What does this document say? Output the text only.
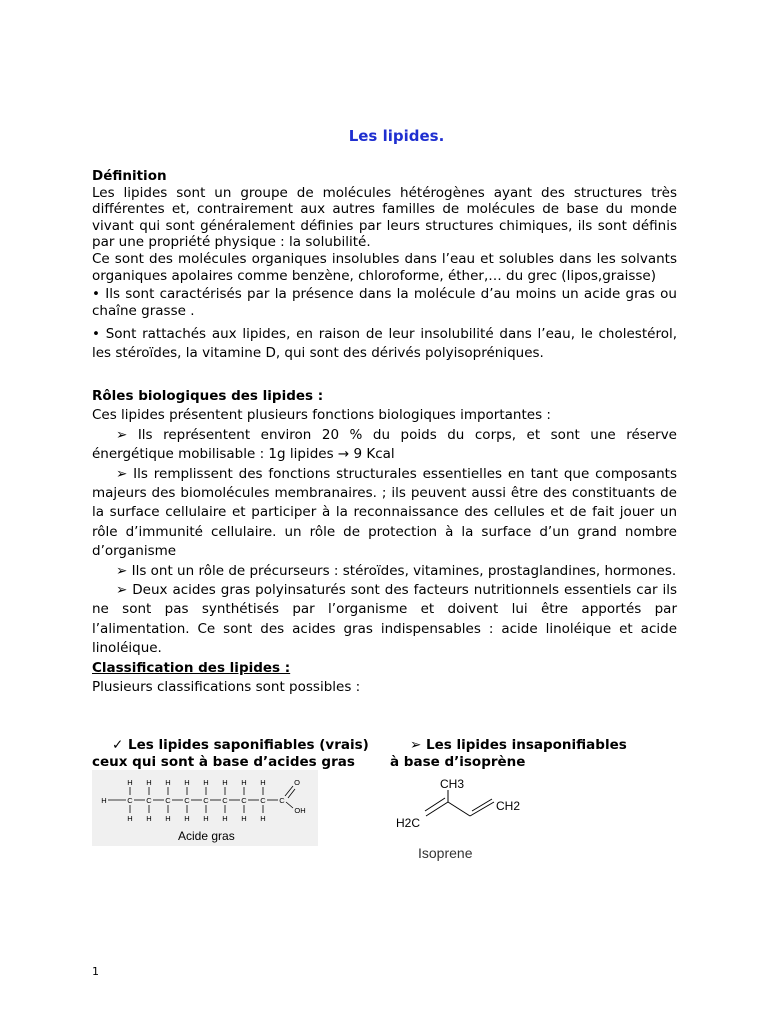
Les lipides.

Définition

Les lipides sont un groupe de molécules hétérogènes ayant des structures très différentes et, contrairement aux autres familles de molécules de base du monde vivant qui sont généralement définies par leurs structures chimiques, ils sont définis par une propriété physique : la solubilité.

Ce sont des molécules organiques insolubles dans l’eau et solubles dans les solvants organiques apolaires comme benzène, chloroforme, éther,… du grec (lipos,graisse)

• Ils sont caractérisés par la présence dans la molécule d’au moins un acide gras ou chaîne grasse .

• Sont rattachés aux lipides, en raison de leur insolubilité dans l’eau, le cholestérol, les stéroïdes, la vitamine D, qui sont des dérivés polyisopréniques.

Rôles biologiques des lipides :

Ces lipides présentent plusieurs fonctions biologiques importantes :

➢ Ils représentent environ 20 % du poids du corps, et sont une réserve énergétique mobilisable : 1g lipides → 9 Kcal

➢ Ils remplissent des fonctions structurales essentielles en tant que composants majeurs des biomolécules membranaires. ; ils peuvent aussi être des constituants de la surface cellulaire et participer à la reconnaissance des cellules et de fait jouer un rôle d’immunité cellulaire. un rôle de protection à la surface d’un grand nombre d’organisme

➢ Ils ont un rôle de précurseurs : stéroïdes, vitamines, prostaglandines, hormones.

➢ Deux acides gras polyinsaturés sont des facteurs nutritionnels essentiels car ils ne sont pas synthétisés par l’organisme et doivent lui être apportés par l’alimentation. Ce sont des acides gras indispensables : acide linoléique et acide linoléique.

Classification des lipides :

Plusieurs classifications sont possibles :

✓ Les lipides saponifiables (vrais)
ceux qui sont à base d’acides gras
➢ Les lipides insaponifiables
à base d’isoprène
H	C
H
H
C
H
H
C
H
H
C
H
H
C
H
H
C
H
H
C
H
H
C
H
H
C
O
OH
Acide gras
CH3
CH2
H2C
Isoprene
1
